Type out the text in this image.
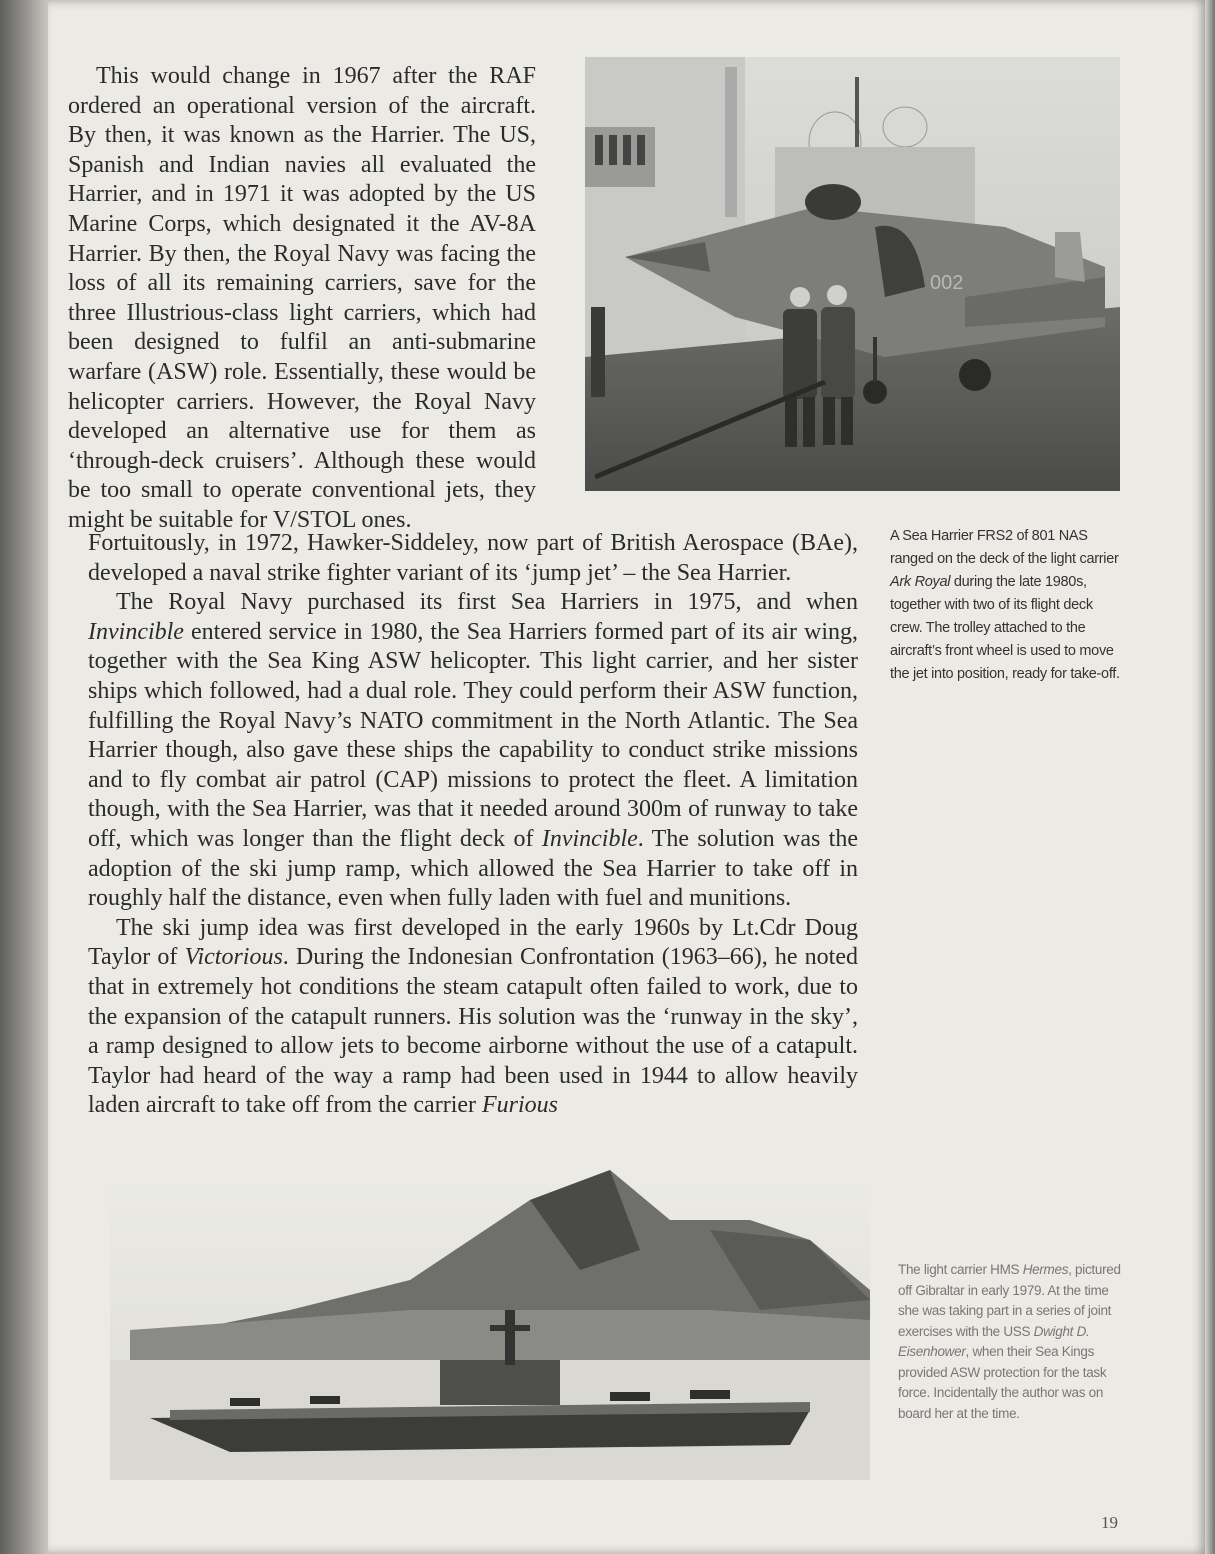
This would change in 1967 after the RAF ordered an operational version of the aircraft. By then, it was known as the Harrier. The US, Spanish and Indian navies all evaluated the Harrier, and in 1971 it was adopted by the US Marine Corps, which designated it the AV-8A Harrier. By then, the Royal Navy was facing the loss of all its remaining carriers, save for the three Illustrious-class light carriers, which had been designed to fulfil an anti-submarine warfare (ASW) role. Essentially, these would be helicopter carriers. However, the Royal Navy developed an alternative use for them as ‘through-deck cruisers’. Although these would be too small to operate conventional jets, they might be suitable for V/STOL ones.

Fortuitously, in 1972, Hawker-Siddeley, now part of British Aerospace (BAe), developed a naval strike fighter variant of its ‘jump jet’ – the Sea Harrier.

The Royal Navy purchased its first Sea Harriers in 1975, and when Invincible entered service in 1980, the Sea Harriers formed part of its air wing, together with the Sea King ASW helicopter. This light carrier, and her sister ships which followed, had a dual role. They could perform their ASW function, fulfilling the Royal Navy’s NATO commitment in the North Atlantic. The Sea Harrier though, also gave these ships the capability to conduct strike missions and to fly combat air patrol (CAP) missions to protect the fleet. A limitation though, with the Sea Harrier, was that it needed around 300m of runway to take off, which was longer than the flight deck of Invincible. The solution was the adoption of the ski jump ramp, which allowed the Sea Harrier to take off in roughly half the distance, even when fully laden with fuel and munitions.

The ski jump idea was first developed in the early 1960s by Lt.Cdr Doug Taylor of Victorious. During the Indonesian Confrontation (1963–66), he noted that in extremely hot conditions the steam catapult often failed to work, due to the expansion of the catapult runners. His solution was the ‘runway in the sky’, a ramp designed to allow jets to become airborne without the use of a catapult. Taylor had heard of the way a ramp had been used in 1944 to allow heavily laden aircraft to take off from the carrier Furious

002
A Sea Harrier FRS2 of 801 NAS ranged on the deck of the light carrier Ark Royal during the late 1980s, together with two of its flight deck crew. The trolley attached to the aircraft’s front wheel is used to move the jet into position, ready for take-off.
The light carrier HMS Hermes, pictured off Gibraltar in early 1979. At the time she was taking part in a series of joint exercises with the USS Dwight D. Eisenhower, when their Sea Kings provided ASW protection for the task force. Incidentally the author was on board her at the time.
19
